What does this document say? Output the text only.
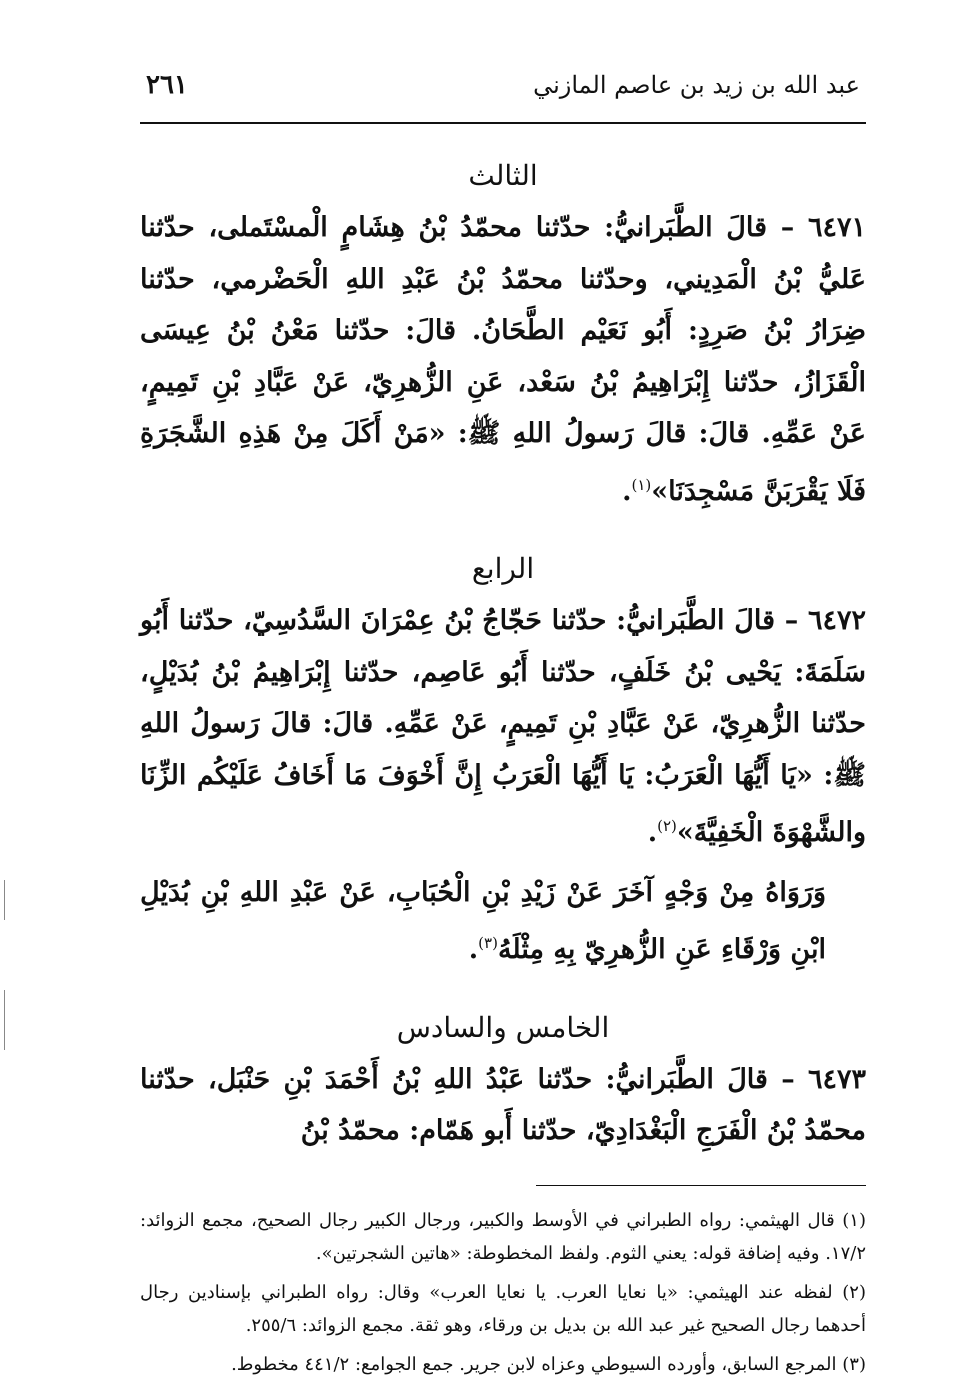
عبد الله بن زيد بن عاصم المازني
٢٦١
الثالث

٦٤٧١ – قالَ الطَّبَرانيُّ: حدّثنا محمّدُ بْنُ هِشَامٍ الْمسْتَملى، حدّثنا عَليُّ بْنُ الْمَدِيني، وحدّثنا محمّدُ بْنُ عَبْدِ اللهِ الْحَضْرمي، حدّثنا ضِرَارُ بْنُ صَرِدٍ: أَبُو نَعَيْم الطَّحَانُ. قالَ: حدّثنا مَعْنُ بْنُ عِيسَى الْقَزَازُ، حدّثنا إِبْرَاهِيمُ بْنُ سَعْد، عَنِ الزُّهرِيّ، عَنْ عَبَّادِ بْنِ تَمِيمٍ، عَنْ عَمِّهِ. قالَ: قالَ رَسولُ اللهِ ﷺ: «مَنْ أَكَلَ مِنْ هَذِهِ الشَّجَرَةِ فَلَا يَقْرَبَنَّ مَسْجِدَنَا»$^{(١)}$.

الرابع

٦٤٧٢ – قالَ الطَّبَرانيُّ: حدّثنا حَجّاجُ بْنُ عِمْرَانَ السَّدُسِيّ، حدّثنا أَبُو سَلَمَةَ: يَحْيى بْنُ خَلَفٍ، حدّثنا أَبُو عَاصِم، حدّثنا إِبْرَاهِيمُ بْنُ بُدَيْلٍ، حدّثنا الزُّهرِيّ، عَنْ عَبَّادِ بْنِ تَمِيمٍ، عَنْ عَمِّهِ. قالَ: قالَ رَسولُ اللهِ ﷺ: «يَا أَيُّهَا الْعَرَبُ: يَا أَيُّهَا الْعَرَبُ إِنَّ أَخْوَفَ مَا أَخَافُ عَلَيْكُم الزِّنَا والشَّهْوَةَ الْخَفِيَّةَ»$^{(٢)}$.

وَرَوَاهُ مِنْ وَجْهٍ آخَرَ عَنْ زَيْدِ بْنِ الْحُبَابِ، عَنْ عَبْدِ اللهِ بْنِ بُدَيْلِ ابْنِ وَرْقَاءِ عَنِ الزُّهرِيّ بِهِ مِثْلَهُ$^{(٣)}$.

الخامس والسادس

٦٤٧٣ – قالَ الطَّبَرانيُّ: حدّثنا عَبْدُ اللهِ بْنُ أَحْمَدَ بْنِ حَنْبَل، حدّثنا محمّدُ بْنُ الْفَرَجِ الْبَغْدَادِيّ، حدّثنا أَبو هَمّام: محمّدُ بْنُ

(١) قال الهيثمي: رواه الطبراني في الأوسط والكبير، ورجال الكبير رجال الصحيح، مجمع الزوائد: ١٧/٢. وفيه إضافة قوله: يعني الثوم. ولفظ المخطوطة: «هاتين الشجرتين».

(٢) لفظه عند الهيثمي: «يا نعايا العرب. يا نعايا العرب» وقال: رواه الطبراني بإسنادين رجال أحدهما رجال الصحيح غير عبد الله بن بديل بن ورقاء، وهو ثقة. مجمع الزوائد: ٢٥٥/٦.

(٣) المرجع السابق، وأورده السيوطي وعزاه لابن جرير. جمع الجوامع: ٤٤١/٢ مخطوط.
